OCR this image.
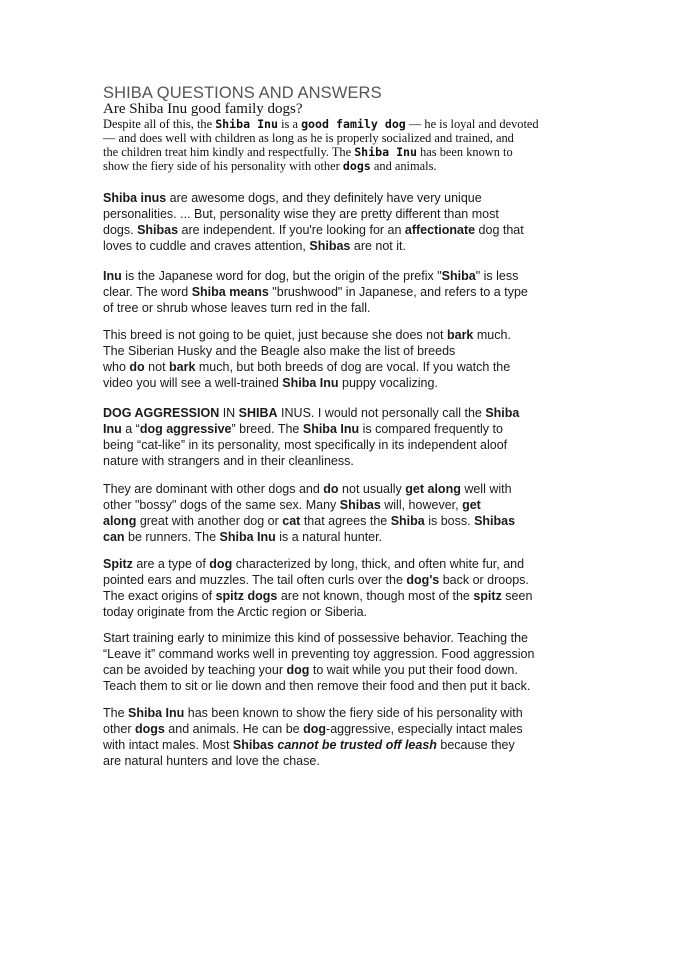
SHIBA QUESTIONS AND ANSWERS
Are Shiba Inu good family dogs?
Despite all of this, the Shiba Inu is a good family dog — he is loyal and devoted
— and does well with children as long as he is properly socialized and trained, and
the children treat him kindly and respectfully. The Shiba Inu has been known to
show the fiery side of his personality with other dogs and animals.
Shiba inus are awesome dogs, and they definitely have very unique
personalities. ... But, personality wise they are pretty different than most
dogs. Shibas are independent. If you're looking for an affectionate dog that
loves to cuddle and craves attention, Shibas are not it.
Inu is the Japanese word for dog, but the origin of the prefix "Shiba" is less
clear. The word Shiba means "brushwood" in Japanese, and refers to a type
of tree or shrub whose leaves turn red in the fall.
This breed is not going to be quiet, just because she does not bark much.
The Siberian Husky and the Beagle also make the list of breeds
who do not bark much, but both breeds of dog are vocal. If you watch the
video you will see a well-trained Shiba Inu puppy vocalizing.
DOG AGGRESSION IN SHIBA INUS. I would not personally call the Shiba
Inu a “dog aggressive” breed. The Shiba Inu is compared frequently to
being “cat-like” in its personality, most specifically in its independent aloof
nature with strangers and in their cleanliness.
They are dominant with other dogs and do not usually get along well with
other "bossy" dogs of the same sex. Many Shibas will, however, get
along great with another dog or cat that agrees the Shiba is boss. Shibas
can be runners. The Shiba Inu is a natural hunter.
Spitz are a type of dog characterized by long, thick, and often white fur, and
pointed ears and muzzles. The tail often curls over the dog's back or droops.
The exact origins of spitz dogs are not known, though most of the spitz seen
today originate from the Arctic region or Siberia.
Start training early to minimize this kind of possessive behavior. Teaching the
“Leave it” command works well in preventing toy aggression. Food aggression
can be avoided by teaching your dog to wait while you put their food down.
Teach them to sit or lie down and then remove their food and then put it back.
The Shiba Inu has been known to show the fiery side of his personality with
other dogs and animals. He can be dog-aggressive, especially intact males
with intact males. Most Shibas cannot be trusted off leash because they
are natural hunters and love the chase.
